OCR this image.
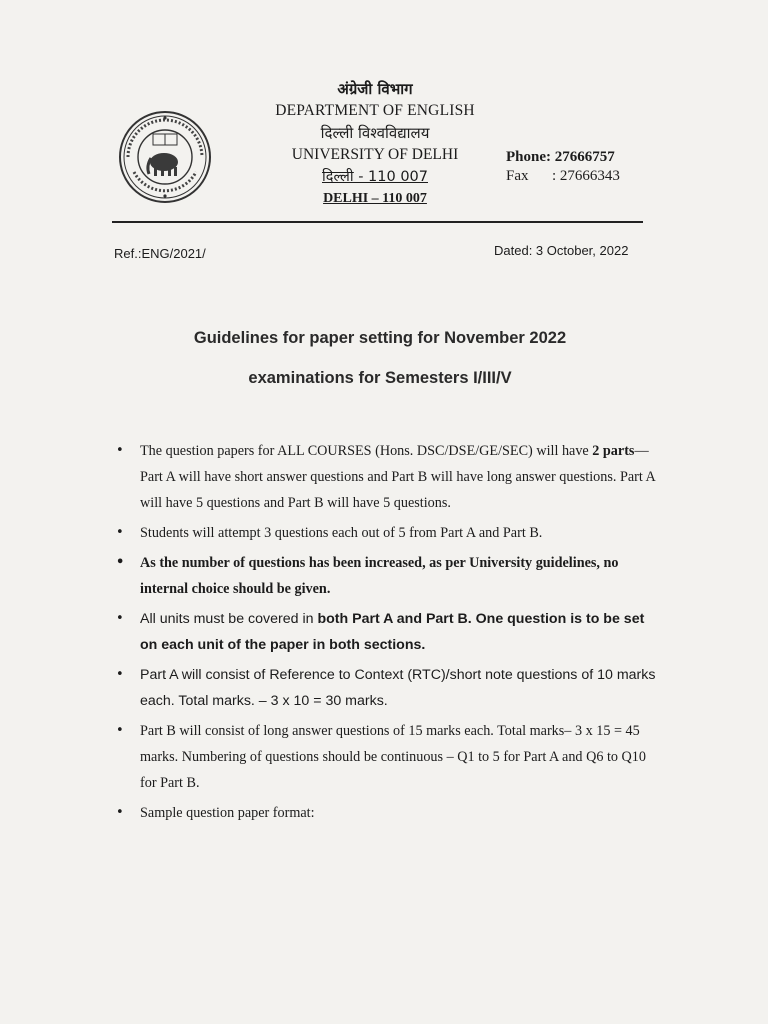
अंग्रेजी विभाग
DEPARTMENT OF ENGLISH
दिल्ली विश्वविद्यालय
UNIVERSITY OF DELHI
दिल्ली - 110 007
DELHI – 110 007
Phone: 27666757
Fax : 27666343
Ref.:ENG/2021/	Dated: 3 October, 2022
Guidelines for paper setting for November 2022
examinations for Semesters I/III/V
• The question papers for ALL COURSES (Hons. DSC/DSE/GE/SEC) will have 2 parts—Part A will have short answer questions and Part B will have long answer questions. Part A will have 5 questions and Part B will have 5 questions.
• Students will attempt 3 questions each out of 5 from Part A and Part B.
• As the number of questions has been increased, as per University guidelines, no internal choice should be given.
• All units must be covered in both Part A and Part B. One question is to be set on each unit of the paper in both sections.
• Part A will consist of Reference to Context (RTC)/short note questions of 10 marks each. Total marks. – 3 x 10 = 30 marks.
• Part B will consist of long answer questions of 15 marks each. Total marks– 3 x 15 = 45 marks. Numbering of questions should be continuous – Q1 to 5 for Part A and Q6 to Q10 for Part B.
• Sample question paper format:
